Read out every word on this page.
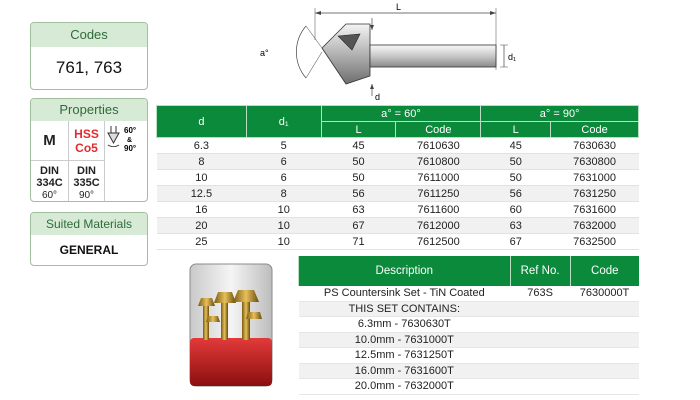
Codes
761, 763
Properties
M	HSS
Co5
60°
&
90°
DIN
334C
60°
DIN
335C
90°
Suited Materials
GENERAL
L
a°	d₁
d
d	d₁	a° = 60°		a° = 90°	
		L	Code	L	Code
6.3	5	45	7610630	45	7630630
8	6	50	7610800	50	7630800
10	6	50	7611000	50	7631000
12.5	8	56	7611250	56	7631250
16	10	63	7611600	60	7631600
20	10	67	7612000	63	7632000
25	10	71	7612500	67	7632500
Description	Ref No.	Code
PS Countersink Set - TiN Coated	763S	7630000T
THIS SET CONTAINS:		
6.3mm - 7630630T		
10.0mm - 7631000T		
12.5mm - 7631250T		
16.0mm - 7631600T		
20.0mm - 7632000T		
